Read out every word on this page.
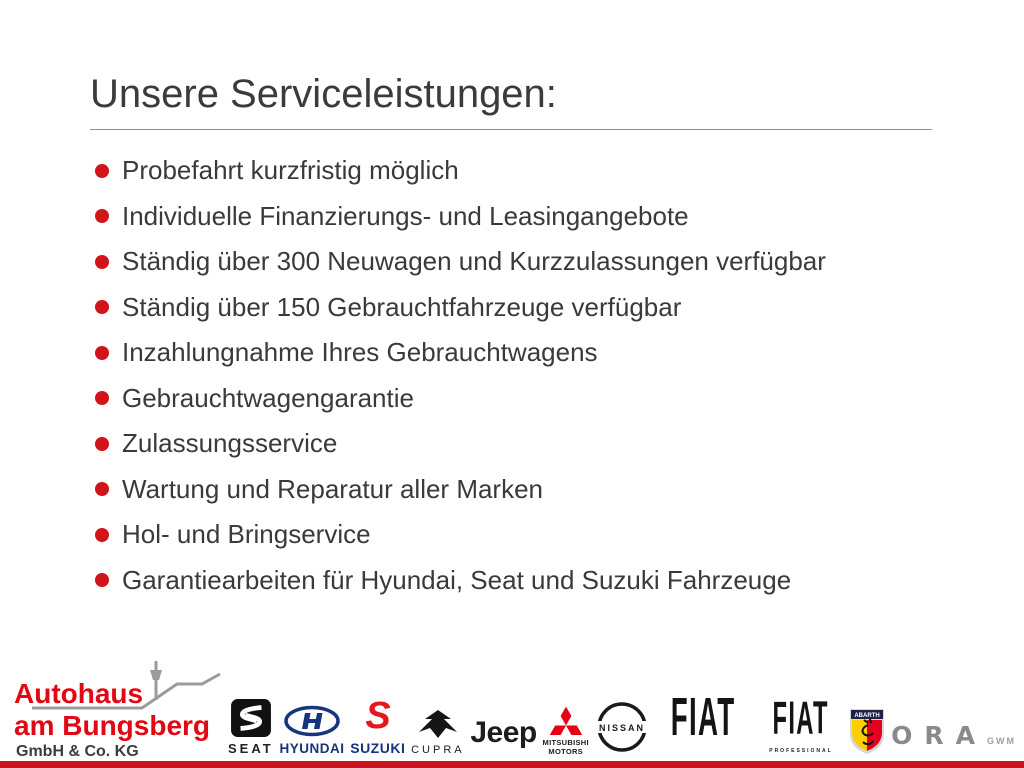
Unsere Serviceleistungen:
Probefahrt kurzfristig möglich
Individuelle Finanzierungs- und Leasingangebote
Ständig über 300 Neuwagen und Kurzzulassungen verfügbar
Ständig über 150 Gebrauchtfahrzeuge verfügbar
Inzahlungnahme Ihres Gebrauchtwagens
Gebrauchtwagengarantie
Zulassungsservice
Wartung und Reparatur aller Marken
Hol- und Bringservice
Garantiearbeiten für Hyundai, Seat und Suzuki Fahrzeuge
Autohaus
am Bungsberg
GmbH & Co. KG	SEAT HYUNDAI
S
SUZUKI CUPRA
Jeep MITSUBISHI
MOTORS
NISSAN FIAT FIAT
PROFESSIONAL
ABARTH
ORA GWM
